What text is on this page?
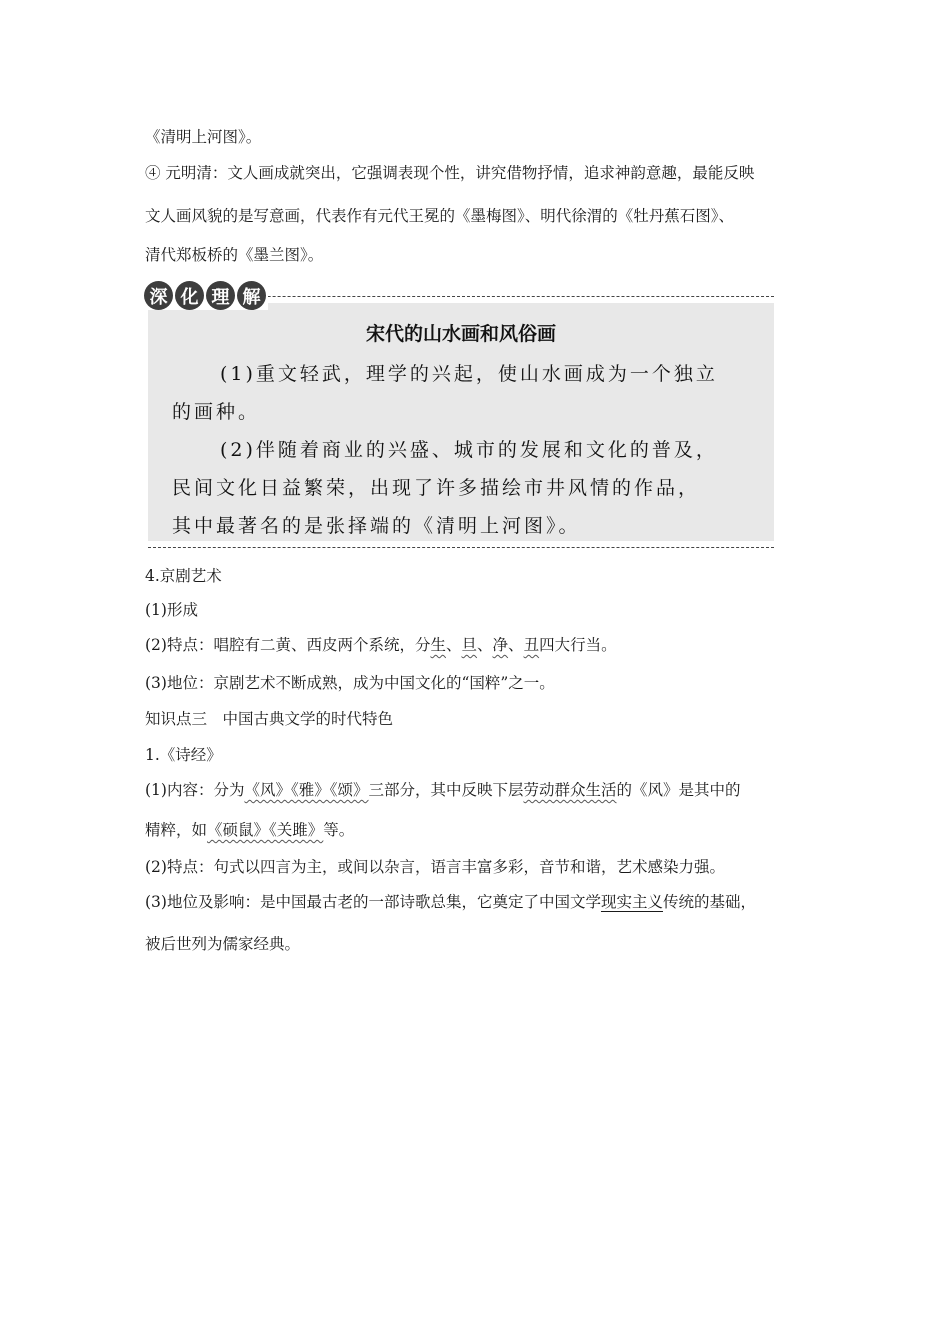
《清明上河图》。
④ 元明清：文人画成就突出，它强调表现个性，讲究借物抒情，追求神韵意趣，最能反映
文人画风貌的是写意画，代表作有元代王冕的《墨梅图》、明代徐渭的《牡丹蕉石图》、
清代郑板桥的《墨兰图》。
深 化 理 解
宋代的山水画和风俗画
(1)重文轻武，理学的兴起，使山水画成为一个独立
的画种。
(2)伴随着商业的兴盛、城市的发展和文化的普及，
民间文化日益繁荣，出现了许多描绘市井风情的作品，
其中最著名的是张择端的《清明上河图》。
4.京剧艺术
(1)形成
(2)特点：唱腔有二黄、西皮两个系统，分生、旦、净、丑四大行当。
(3)地位：京剧艺术不断成熟，成为中国文化的“国粹”之一。
知识点三　中国古典文学的时代特色
1.《诗经》
(1)内容：分为《风》《雅》《颂》三部分，其中反映下层劳动群众生活的《风》是其中的
精粹，如《硕鼠》《关雎》等。
(2)特点：句式以四言为主，或间以杂言，语言丰富多彩，音节和谐，艺术感染力强。
(3)地位及影响：是中国最古老的一部诗歌总集，它奠定了中国文学现实主义传统的基础，
被后世列为儒家经典。
